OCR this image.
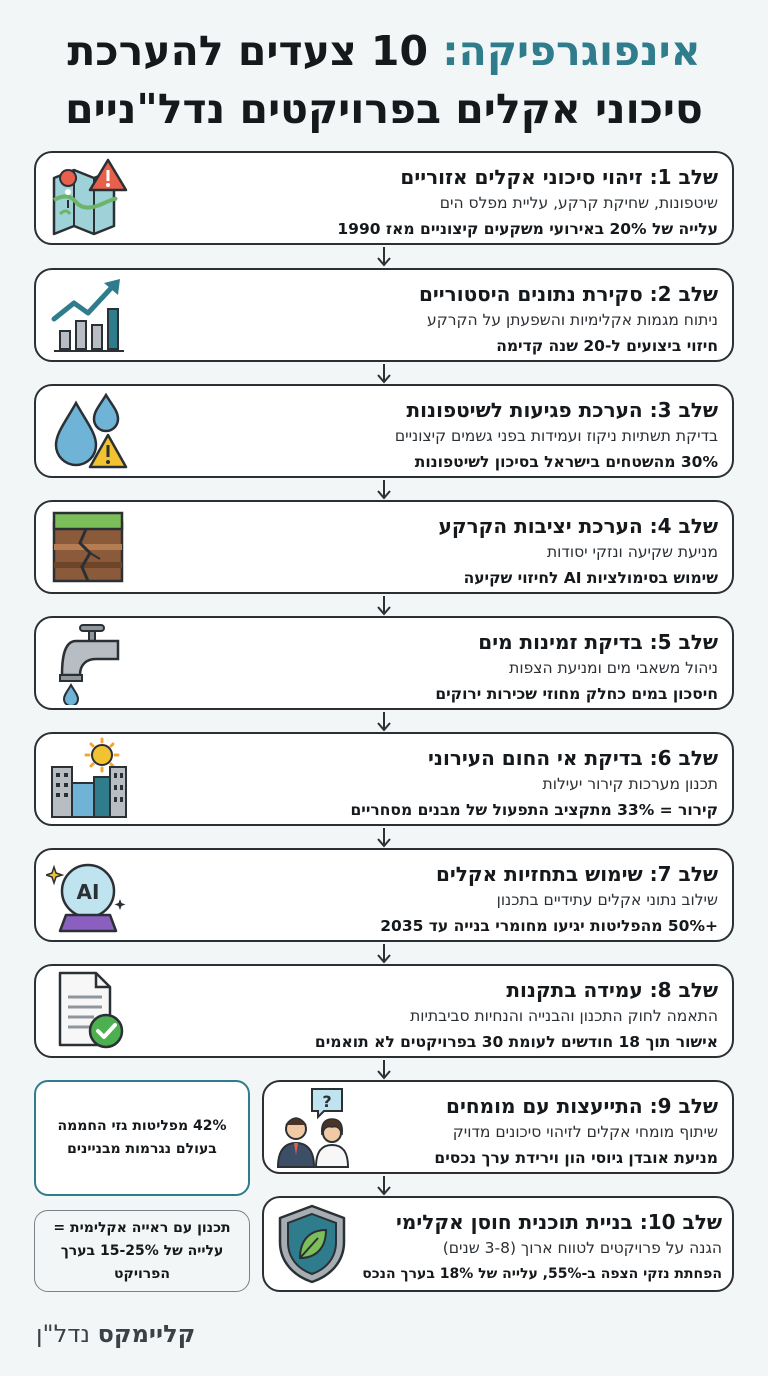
אינפוגרפיקה: 10 צעדים להערכת
סיכוני אקלים בפרויקטים נדל"ניים
שלב 1: זיהוי סיכוני אקלים אזוריים
שיטפונות, שחיקת קרקע, עליית מפלס הים
עלייה של 20% באירועי משקעים קיצוניים מאז 1990
שלב 2: סקירת נתונים היסטוריים
ניתוח מגמות אקלימיות והשפעתן על הקרקע
חיזוי ביצועים ל-20 שנה קדימה
שלב 3: הערכת פגיעות לשיטפונות
בדיקת תשתיות ניקוז ועמידות בפני גשמים קיצוניים
30% מהשטחים בישראל בסיכון לשיטפונות
שלב 4: הערכת יציבות הקרקע
מניעת שקיעה ונזקי יסודות
שימוש בסימולציות AI לחיזוי שקיעה
שלב 5: בדיקת זמינות מים
ניהול משאבי מים ומניעת הצפות
חיסכון במים כחלק מחוזי שכירות ירוקים
שלב 6: בדיקת אי החום העירוני
תכנון מערכות קירור יעילות
קירור = 33% מתקציב התפעול של מבנים מסחריים
שלב 7: שימוש בתחזיות אקלים
שילוב נתוני אקלים עתידיים בתכנון
+50% מהפליטות יגיעו מחומרי בנייה עד 2035
AI
שלב 8: עמידה בתקנות
התאמה לחוק התכנון והבנייה והנחיות סביבתיות
אישור תוך 18 חודשים לעומת 30 בפרויקטים לא תואמים
שלב 9: התייעצות עם מומחים
שיתוף מומחי אקלים לזיהוי סיכונים מדויק
מניעת אובדן גיוסי הון וירידת ערך נכסים
?
שלב 10: בניית תוכנית חוסן אקלימי
הגנה על פרויקטים לטווח ארוך (3-8 שנים)
הפחתת נזקי הצפה ב-55%, עלייה של 18% בערך הנכס
42% מפליטות גזי החממה בעולם נגרמות מבניינים
תכנון עם ראייה אקלימית = עלייה של 15-25% בערך הפרויקט
קליימקס נדל"ן
